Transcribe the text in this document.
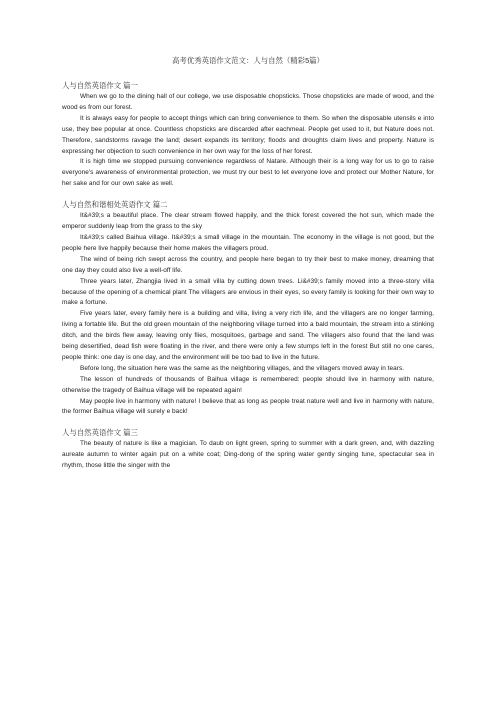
高考优秀英语作文范文：人与自然（精彩5篇）
人与自然英语作文 篇一

When we go to the dining hall of our college, we use disposable chopsticks. Those chopsticks are made of wood, and the wood es from our forest.

It is always easy for people to accept things which can bring convenience to them. So when the disposable utensils e into use, they bee popular at once. Countless chopsticks are discarded after eachmeal. People get used to it, but Nature does not. Therefore, sandstorms ravage the land; desert expands its territory; floods and droughts claim lives and property. Nature is expressing her objection to such convenience in her own way for the loss of her forest.

It is high time we stopped pursuing convenience regardless of Natare. Although their is a long way for us to go to raise everyone's awareness of environmental protection, we must try our best to let everyone love and protect our Mother Nature, for her sake and for our own sake as well.

人与自然和谐相处英语作文 篇二

It&#39;s a beautiful place. The clear stream flowed happily, and the thick forest covered the hot sun, which made the emperor suddenly leap from the grass to the sky

It&#39;s called Baihua village. It&#39;s a small village in the mountain. The economy in the village is not good, but the people here live happily because their home makes the villagers proud.

The wind of being rich swept across the country, and people here began to try their best to make money, dreaming that one day they could also live a well-off life.

Three years later, Zhangjia lived in a small villa by cutting down trees. Li&#39;s family moved into a three-story villa because of the opening of a chemical plant The villagers are envious in their eyes, so every family is looking for their own way to make a fortune.

Five years later, every family here is a building and villa, living a very rich life, and the villagers are no longer farming, living a fortable life. But the old green mountain of the neighboring village turned into a bald mountain, the stream into a stinking ditch, and the birds flew away, leaving only flies, mosquitoes, garbage and sand. The villagers also found that the land was being desertified, dead fish were floating in the river, and there were only a few stumps left in the forest But still no one cares, people think: one day is one day, and the environment will be too bad to live in the future.

Before long, the situation here was the same as the neighboring villages, and the villagers moved away in tears.

The lesson of hundreds of thousands of Baihua village is remembered: people should live in harmony with nature, otherwise the tragedy of Baihua village will be repeated again!

May people live in harmony with nature! I believe that as long as people treat nature well and live in harmony with nature, the former Baihua village will surely e back!

人与自然英语作文 篇三

The beauty of nature is like a magician. To daub on light green, spring to summer with a dark green, and, with dazzling aureate autumn to winter again put on a white coat; Ding-dong of the spring water gently singing tune, spectacular sea in rhythm, those little the singer with the
